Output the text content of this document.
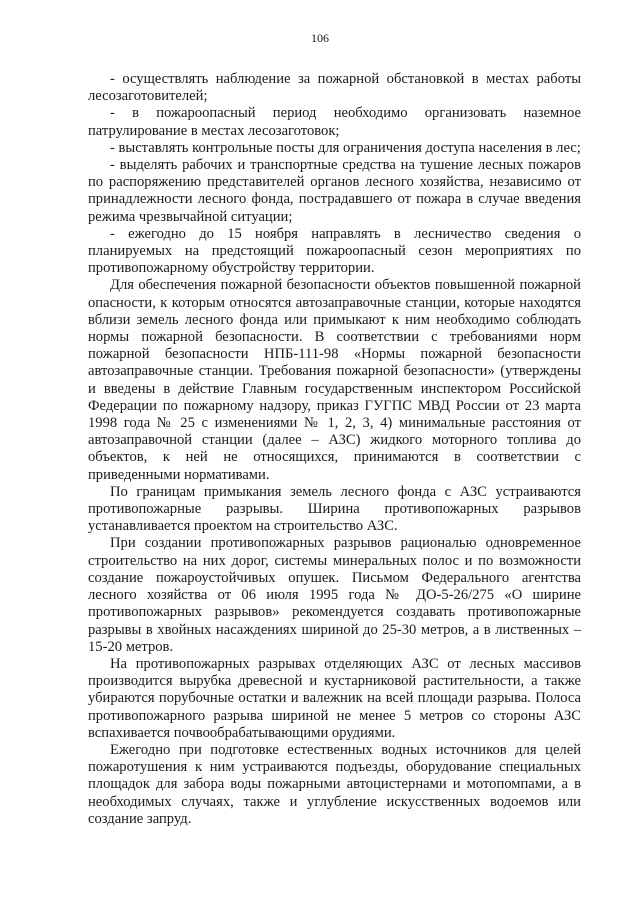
106

- осуществлять наблюдение за пожарной обстановкой в местах работы лесозаготовителей;

- в пожароопасный период необходимо организовать наземное патрулирование в местах лесозаготовок;

- выставлять контрольные посты для ограничения доступа населения в лес;

- выделять рабочих и транспортные средства на тушение лесных пожаров по распоряжению представителей органов лесного хозяйства, независимо от принадлежности лесного фонда, пострадавшего от пожара в случае введения режима чрезвычайной ситуации;

- ежегодно до 15 ноября направлять в лесничество сведения о планируемых на предстоящий пожароопасный сезон мероприятиях по противопожарному обустройству территории.

Для обеспечения пожарной безопасности объектов повышенной пожарной опасности, к которым относятся автозаправочные станции, которые находятся вблизи земель лесного фонда или примыкают к ним необходимо соблюдать нормы пожарной безопасности. В соответствии с требованиями норм пожарной безопасности НПБ-111-98 «Нормы пожарной безопасности автозаправочные станции. Требования пожарной безопасности» (утверждены и введены в действие Главным государственным инспектором Российской Федерации по пожарному надзору, приказ ГУГПС МВД России от 23 марта 1998 года № 25 с изменениями № 1, 2, 3, 4) минимальные расстояния от автозаправочной станции (далее – АЗС) жидкого моторного топлива до объектов, к ней не относящихся, принимаются в соответствии с приведенными нормативами.

По границам примыкания земель лесного фонда с АЗС устраиваются противопожарные разрывы. Ширина противопожарных разрывов устанавливается проектом на строительство АЗС.

При создании противопожарных разрывов рациональю одновременное строительство на них дорог, системы минеральных полос и по возможности создание пожароустойчивых опушек. Письмом Федерального агентства лесного хозяйства от 06 июля 1995 года № ДО-5-26/275 «О ширине противопожарных разрывов» рекомендуется создавать противопожарные разрывы в хвойных насаждениях шириной до 25-30 метров, а в лиственных – 15-20 метров.

На противопожарных разрывах отделяющих АЗС от лесных массивов производится вырубка древесной и кустарниковой растительности, а также убираются порубочные остатки и валежник на всей площади разрыва. Полоса противопожарного разрыва шириной не менее 5 метров со стороны АЗС вспахивается почвообрабатывающими орудиями.

Ежегодно при подготовке естественных водных источников для целей пожаротушения к ним устраиваются подъезды, оборудование специальных площадок для забора воды пожарными автоцистернами и мотопомпами, а в необходимых случаях, также и углубление искусственных водоемов или создание запруд.
